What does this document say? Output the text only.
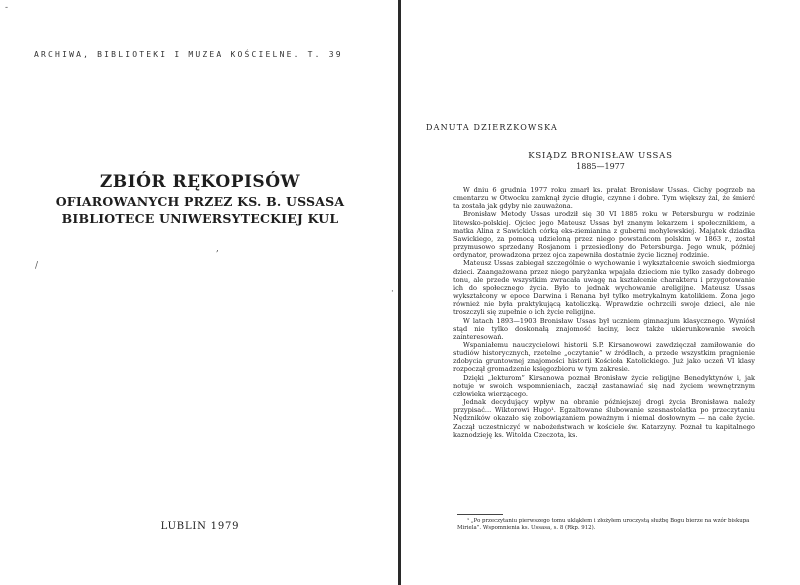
ARCHIWA, BIBLIOTEKI I MUZEA KOŚCIELNE. T. 39
ZBIÓR RĘKOPISÓW
OFIAROWANYCH PRZEZ KS. B. USSASA
BIBLIOTECE UNIWERSYTECKIEJ KUL
LUBLIN 1979
-
/
,
·
DANUTA DZIERZKOWSKA
KSIĄDZ BRONISŁAW USSAS
1885—1977

W dniu 6 grudnia 1977 roku zmarł ks. prałat Bronisław Ussas. Cichy pogrzeb na cmentarzu w Otwocku zamknął życie długie, czynne i dobre. Tym większy żal, że śmierć ta została jak gdyby nie zauważona.

Bronisław Metody Ussas urodził się 30 VI 1885 roku w Petersburgu w rodzinie litewsko-polskiej. Ojciec jego Mateusz Ussas był znanym lekarzem i społecznikiem, a matka Alina z Sawickich córką eks-ziemianina z guberni mohylewskiej. Majątek dziadka Sawickiego, za pomocą udzieloną przez niego powstańcom polskim w 1863 r., został przymusowo sprzedany Rosjanom i przesiedlony do Petersburga. Jego wnuk, później ordynator, prowadzona przez ojca zapewniła dostatnie życie licznej rodzinie.

Mateusz Ussas zabiegał szczególnie o wychowanie i wykształcenie swoich siedmiorga dzieci. Zaangażowana przez niego paryżanka wpajała dzieciom nie tylko zasady dobrego tonu, ale przede wszystkim zwracała uwagę na kształcenie charakteru i przygotowanie ich do społecznego życia. Było to jednak wychowanie areligijne. Mateusz Ussas wykształcony w epoce Darwina i Renana był tylko metrykalnym katolikiem. Żona jego również nie była praktykującą katoliczką. Wprawdzie ochrzcili swoje dzieci, ale nie troszczyli się zupełnie o ich życie religijne.

W latach 1893—1903 Bronisław Ussas był uczniem gimnazjum klasycznego. Wyniósł stąd nie tylko doskonałą znajomość łaciny, lecz także ukierunkowanie swoich zainteresowań.

Wspaniałemu nauczycielowi historii S.P. Kirsanowowi zawdzięczał zamiłowanie do studiów historycznych, rzetelne „oczytanie” w źródłach, a przede wszystkim pragnienie zdobycia gruntownej znajomości historii Kościoła Katolickiego. Już jako uczeń VI klasy rozpoczął gromadzenie księgozbioru w tym zakresie.

Dzięki „lekturom” Kirsanowa poznał Bronisław życie religijne Benedyktynów i, jak notuje w swoich wspomnieniach, zaczął zastanawiać się nad życiem wewnętrznym człowieka wierzącego.

Jednak decydujący wpływ na obranie późniejszej drogi życia Bronisława należy przypisać... Wiktorowi Hugo¹. Egzaltowane ślubowanie szesnastolatka po przeczytaniu Nędzników okazało się zobowiązaniem poważnym i niemal dosłownym — na całe życie. Zaczął uczestniczyć w nabożeństwach w kościele św. Katarzyny. Poznał tu kapitalnego kaznodzieję ks. Witolda Czeczota, ks.

¹ „Po przeczytaniu pierwszego tomu ukląkłem i złożyłem uroczystą służbę Bogu bierze na wzór biskupa Miriela”. Wspomnienia ks. Ussasa, s. 8 (Rkp. 912).
